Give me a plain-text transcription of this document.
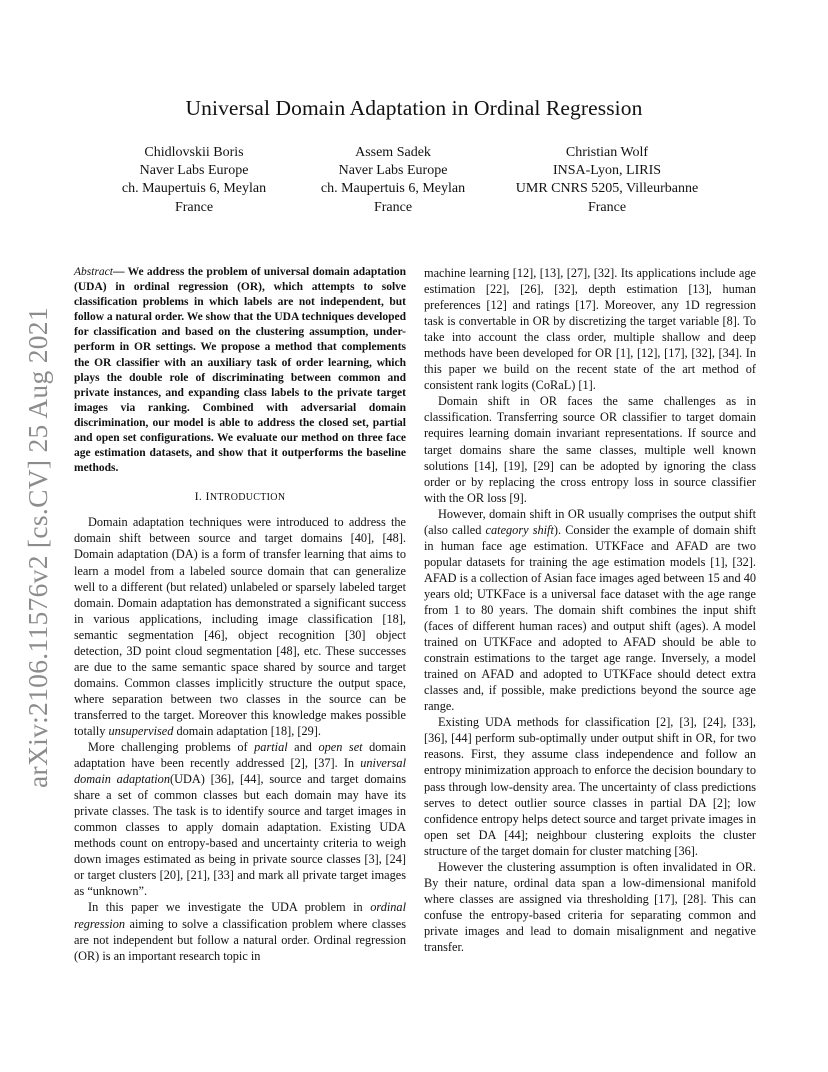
arXiv:2106.11576v2 [cs.CV] 25 Aug 2021
Universal Domain Adaptation in Ordinal Regression
Chidlovskii Boris
Naver Labs Europe
ch. Maupertuis 6, Meylan
France
Assem Sadek
Naver Labs Europe
ch. Maupertuis 6, Meylan
France
Christian Wolf
INSA-Lyon, LIRIS
UMR CNRS 5205, Villeurbanne
France

Abstract— We address the problem of universal domain adaptation (UDA) in ordinal regression (OR), which attempts to solve classification problems in which labels are not independent, but follow a natural order. We show that the UDA techniques developed for classification and based on the clustering assumption, under-perform in OR settings. We propose a method that complements the OR classifier with an auxiliary task of order learning, which plays the double role of discriminating between common and private instances, and expanding class labels to the private target images via ranking. Combined with adversarial domain discrimination, our model is able to address the closed set, partial and open set configurations. We evaluate our method on three face age estimation datasets, and show that it outperforms the baseline methods.

I. INTRODUCTION

Domain adaptation techniques were introduced to address the domain shift between source and target domains [40], [48]. Domain adaptation (DA) is a form of transfer learning that aims to learn a model from a labeled source domain that can generalize well to a different (but related) unlabeled or sparsely labeled target domain. Domain adaptation has demonstrated a significant success in various applications, including image classification [18], semantic segmentation [46], object recognition [30] object detection, 3D point cloud segmentation [48], etc. These successes are due to the same semantic space shared by source and target domains. Common classes implicitly structure the output space, where separation between two classes in the source can be transferred to the target. Moreover this knowledge makes possible totally unsupervised domain adaptation [18], [29].

More challenging problems of partial and open set domain adaptation have been recently addressed [2], [37]. In universal domain adaptation(UDA) [36], [44], source and target domains share a set of common classes but each domain may have its private classes. The task is to identify source and target images in common classes to apply domain adaptation. Existing UDA methods count on entropy-based and uncertainty criteria to weigh down images estimated as being in private source classes [3], [24] or target clusters [20], [21], [33] and mark all private target images as “unknown”.

In this paper we investigate the UDA problem in ordinal regression aiming to solve a classification problem where classes are not independent but follow a natural order. Ordinal regression (OR) is an important research topic in

machine learning [12], [13], [27], [32]. Its applications include age estimation [22], [26], [32], depth estimation [13], human preferences [12] and ratings [17]. Moreover, any 1D regression task is convertable in OR by discretizing the target variable [8]. To take into account the class order, multiple shallow and deep methods have been developed for OR [1], [12], [17], [32], [34]. In this paper we build on the recent state of the art method of consistent rank logits (CoRaL) [1].

Domain shift in OR faces the same challenges as in classification. Transferring source OR classifier to target domain requires learning domain invariant representations. If source and target domains share the same classes, multiple well known solutions [14], [19], [29] can be adopted by ignoring the class order or by replacing the cross entropy loss in source classifier with the OR loss [9].

However, domain shift in OR usually comprises the output shift (also called category shift). Consider the example of domain shift in human face age estimation. UTKFace and AFAD are two popular datasets for training the age estimation models [1], [32]. AFAD is a collection of Asian face images aged between 15 and 40 years old; UTKFace is a universal face dataset with the age range from 1 to 80 years. The domain shift combines the input shift (faces of different human races) and output shift (ages). A model trained on UTKFace and adopted to AFAD should be able to constrain estimations to the target age range. Inversely, a model trained on AFAD and adopted to UTKFace should detect extra classes and, if possible, make predictions beyond the source age range.

Existing UDA methods for classification [2], [3], [24], [33], [36], [44] perform sub-optimally under output shift in OR, for two reasons. First, they assume class independence and follow an entropy minimization approach to enforce the decision boundary to pass through low-density area. The uncertainty of class predictions serves to detect outlier source classes in partial DA [2]; low confidence entropy helps detect source and target private images in open set DA [44]; neighbour clustering exploits the cluster structure of the target domain for cluster matching [36].

However the clustering assumption is often invalidated in OR. By their nature, ordinal data span a low-dimensional manifold where classes are assigned via thresholding [17], [28]. This can confuse the entropy-based criteria for separating common and private images and lead to domain misalignment and negative transfer.
